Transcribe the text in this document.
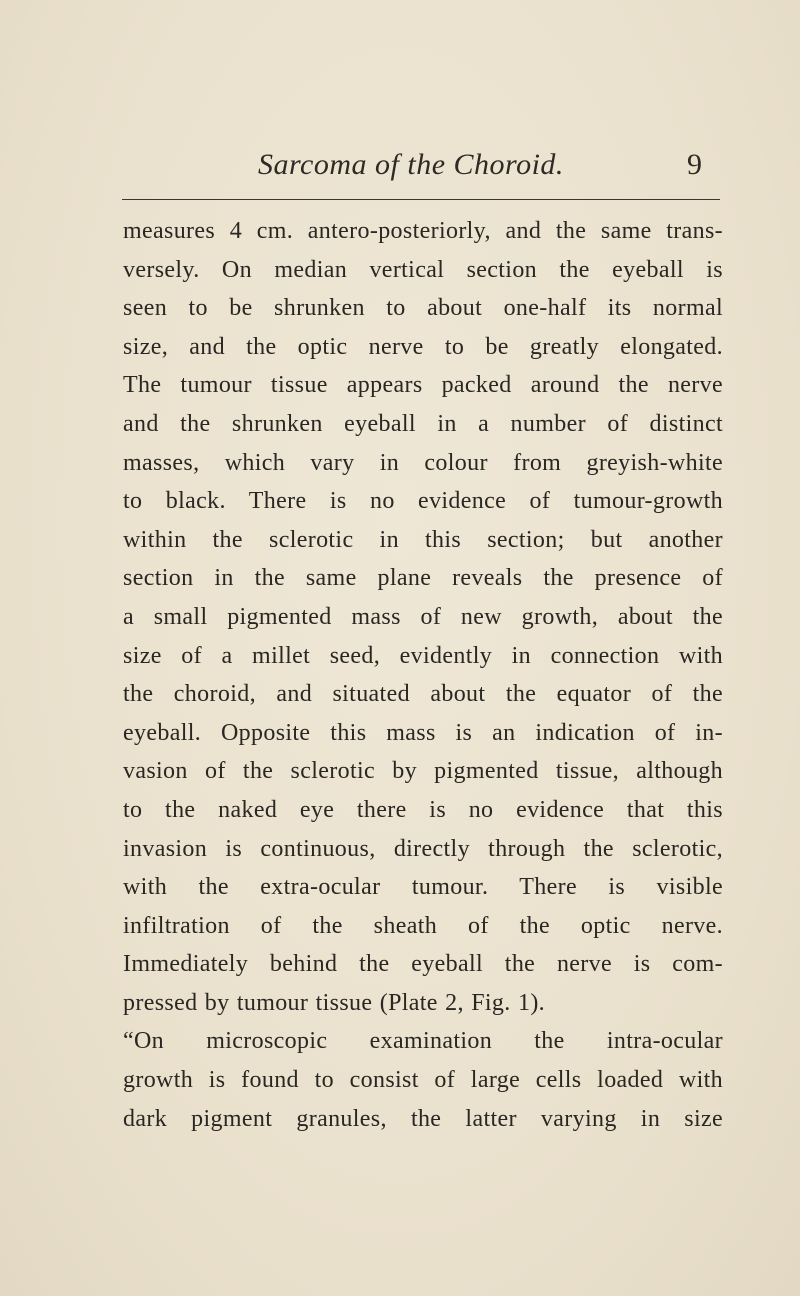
Sarcoma of the Choroid.	9
measures 4 cm. antero-posteriorly, and the same trans-
versely. On median vertical section the eyeball is
seen to be shrunken to about one-half its normal
size, and the optic nerve to be greatly elongated.
The tumour tissue appears packed around the nerve
and the shrunken eyeball in a number of distinct
masses, which vary in colour from greyish-white
to black. There is no evidence of tumour-growth
within the sclerotic in this section; but another
section in the same plane reveals the presence of
a small pigmented mass of new growth, about the
size of a millet seed, evidently in connection with
the choroid, and situated about the equator of the
eyeball. Opposite this mass is an indication of in-
vasion of the sclerotic by pigmented tissue, although
to the naked eye there is no evidence that this
invasion is continuous, directly through the sclerotic,
with the extra-ocular tumour. There is visible
infiltration of the sheath of the optic nerve.
Immediately behind the eyeball the nerve is com-
pressed by tumour tissue (Plate 2, Fig. 1).
“On microscopic examination the intra-ocular
growth is found to consist of large cells loaded with
dark pigment granules, the latter varying in size
